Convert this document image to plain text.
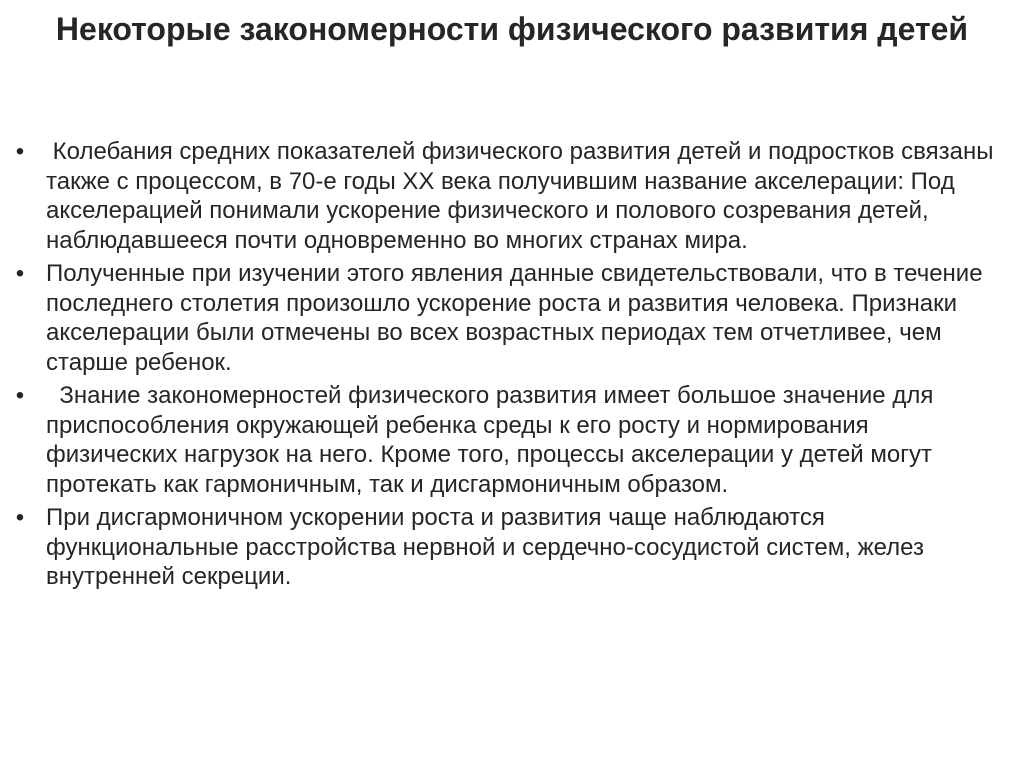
Некоторые закономерности физического развития детей
• Колебания средних показателей физического развития детей и подростков связаны также с процессом, в 70-е годы XX века получившим название акселерации: Под акселерацией понимали ускорение физического и полового созревания детей, наблюдавшееся почти одновременно во многих странах мира.
• Полученные при изучении этого явления данные свидетельствовали, что в течение последнего столетия произошло ускорение роста и развития человека. Признаки акселерации были отмечены во всех возрастных периодах тем отчетливее, чем старше ребенок.
• Знание закономерностей физического развития имеет большое значение для приспособления окружающей ребенка среды к его росту и нормирования физических нагрузок на него. Кроме того, процессы акселерации у детей могут протекать как гармоничным, так и дисгармоничным образом.
• При дисгармоничном ускорении роста и развития чаще наблюдаются функциональные расстройства нервной и сердечно-сосудистой систем, желез внутренней секреции.
